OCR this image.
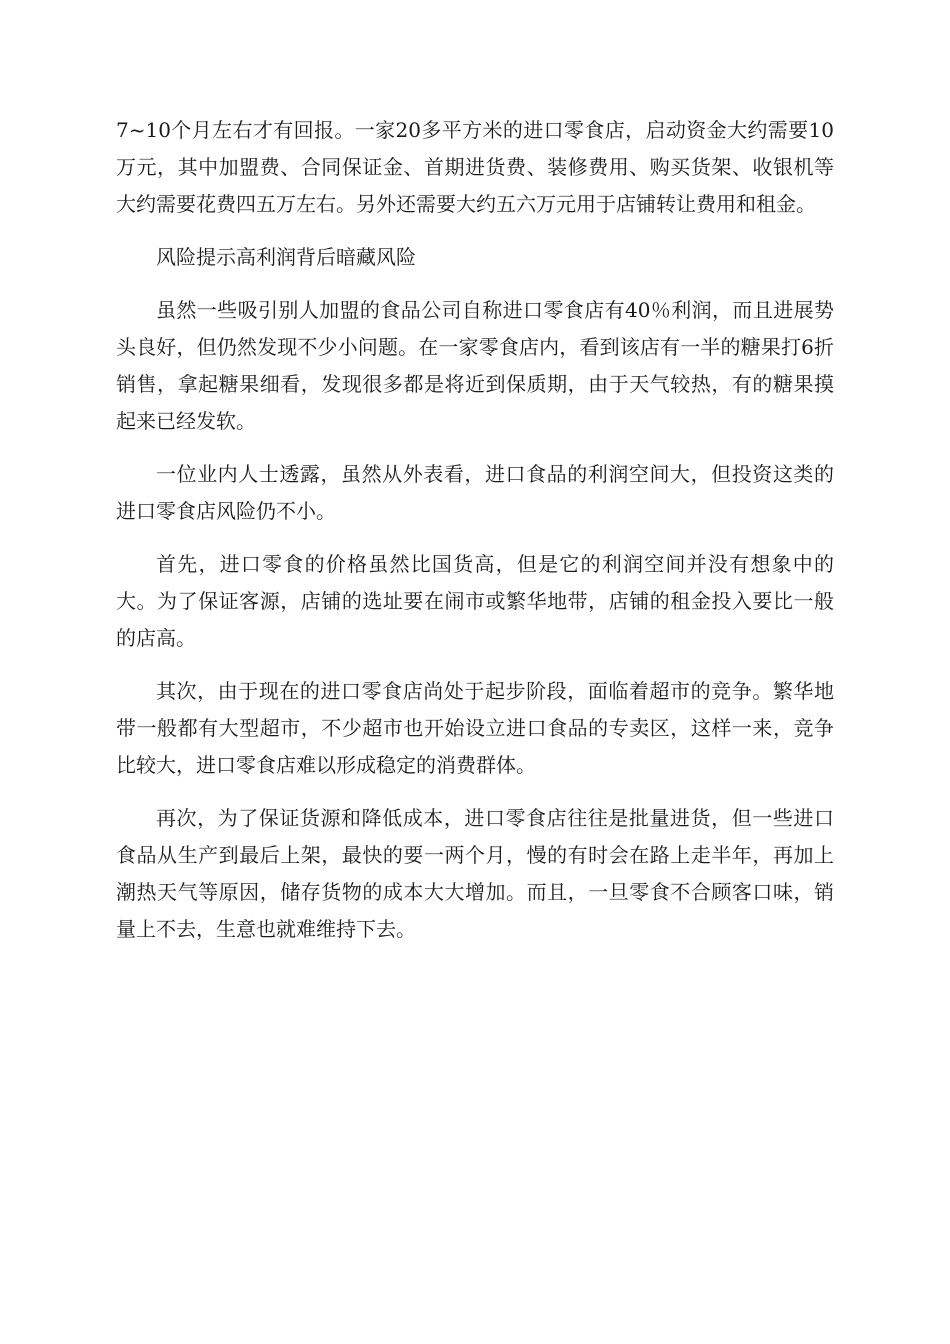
7~10个月左右才有回报。一家20多平方米的进口零食店，启动资金大约需要10万元，其中加盟费、合同保证金、首期进货费、装修费用、购买货架、收银机等大约需要花费四五万左右。另外还需要大约五六万元用于店铺转让费用和租金。

风险提示高利润背后暗藏风险

虽然一些吸引别人加盟的食品公司自称进口零食店有40％利润，而且进展势头良好，但仍然发现不少小问题。在一家零食店内，看到该店有一半的糖果打6折销售，拿起糖果细看，发现很多都是将近到保质期，由于天气较热，有的糖果摸起来已经发软。

一位业内人士透露，虽然从外表看，进口食品的利润空间大，但投资这类的进口零食店风险仍不小。

首先，进口零食的价格虽然比国货高，但是它的利润空间并没有想象中的大。为了保证客源，店铺的选址要在闹市或繁华地带，店铺的租金投入要比一般的店高。

其次，由于现在的进口零食店尚处于起步阶段，面临着超市的竞争。繁华地带一般都有大型超市，不少超市也开始设立进口食品的专卖区，这样一来，竞争比较大，进口零食店难以形成稳定的消费群体。

再次，为了保证货源和降低成本，进口零食店往往是批量进货，但一些进口食品从生产到最后上架，最快的要一两个月，慢的有时会在路上走半年，再加上潮热天气等原因，储存货物的成本大大增加。而且，一旦零食不合顾客口味，销量上不去，生意也就难维持下去。
